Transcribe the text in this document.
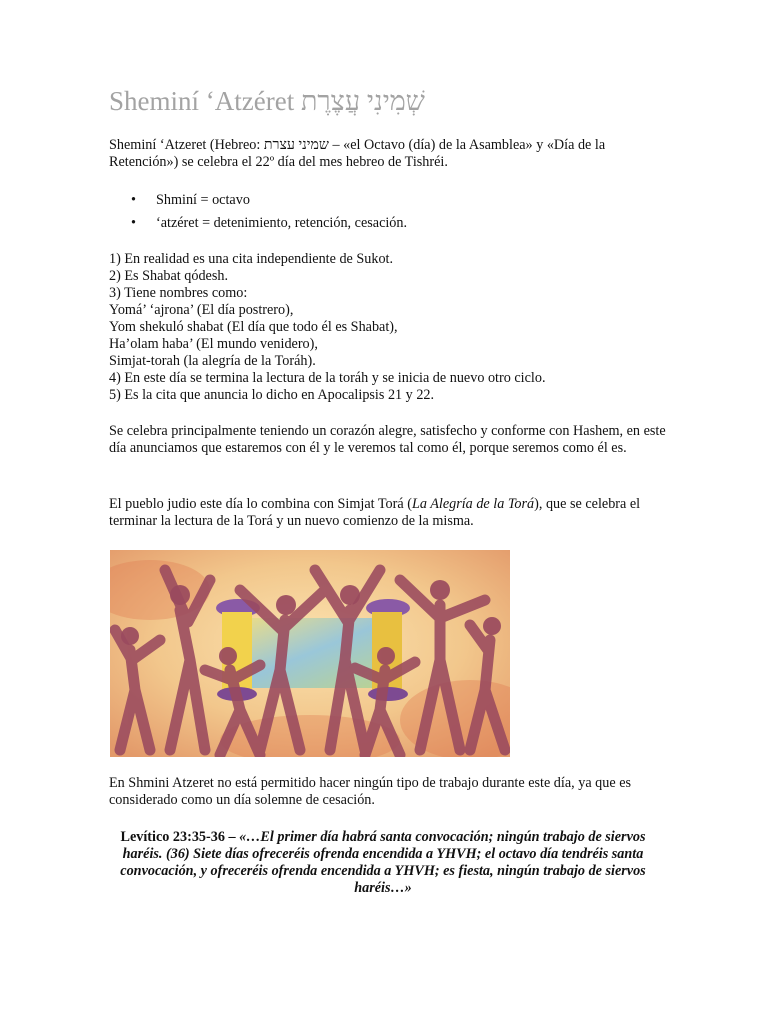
Sheminí ‘Atzéret שְׁמִינִי עֲצֶרֶת

Sheminí ‘Atzeret (Hebreo: שמיני עצרת – «el Octavo (día) de la Asamblea» y «Día de la Retención») se celebra el 22º día del mes hebreo de Tishréi.

• Shminí = octavo
• ‘atzéret = detenimiento, retención, cesación.
1) En realidad es una cita independiente de Sukot.
2) Es Shabat qódesh.
3) Tiene nombres como:
Yomá’ ‘ajrona’ (El día postrero),
Yom shekuló shabat (El día que todo él es Shabat),
Ha’olam haba’ (El mundo venidero),
Simjat-torah (la alegría de la Toráh).
4) En este día se termina la lectura de la toráh y se inicia de nuevo otro ciclo.
5) Es la cita que anuncia lo dicho en Apocalipsis 21 y 22.

Se celebra principalmente teniendo un corazón alegre, satisfecho y conforme con Hashem, en este día anunciamos que estaremos con él y le veremos tal como él, porque seremos como él es.

El pueblo judio este día lo combina con Simjat Torá (La Alegría de la Torá), que se celebra el terminar la lectura de la Torá y un nuevo comienzo de la misma.

En Shmini Atzeret no está permitido hacer ningún tipo de trabajo durante este día, ya que es considerado como un día solemne de cesación.

Levítico 23:35-36 – «…El primer día habrá santa convocación; ningún trabajo de siervos haréis. (36) Siete días ofreceréis ofrenda encendida a YHVH; el octavo día tendréis santa convocación, y ofreceréis ofrenda encendida a YHVH; es fiesta, ningún trabajo de siervos haréis…»
